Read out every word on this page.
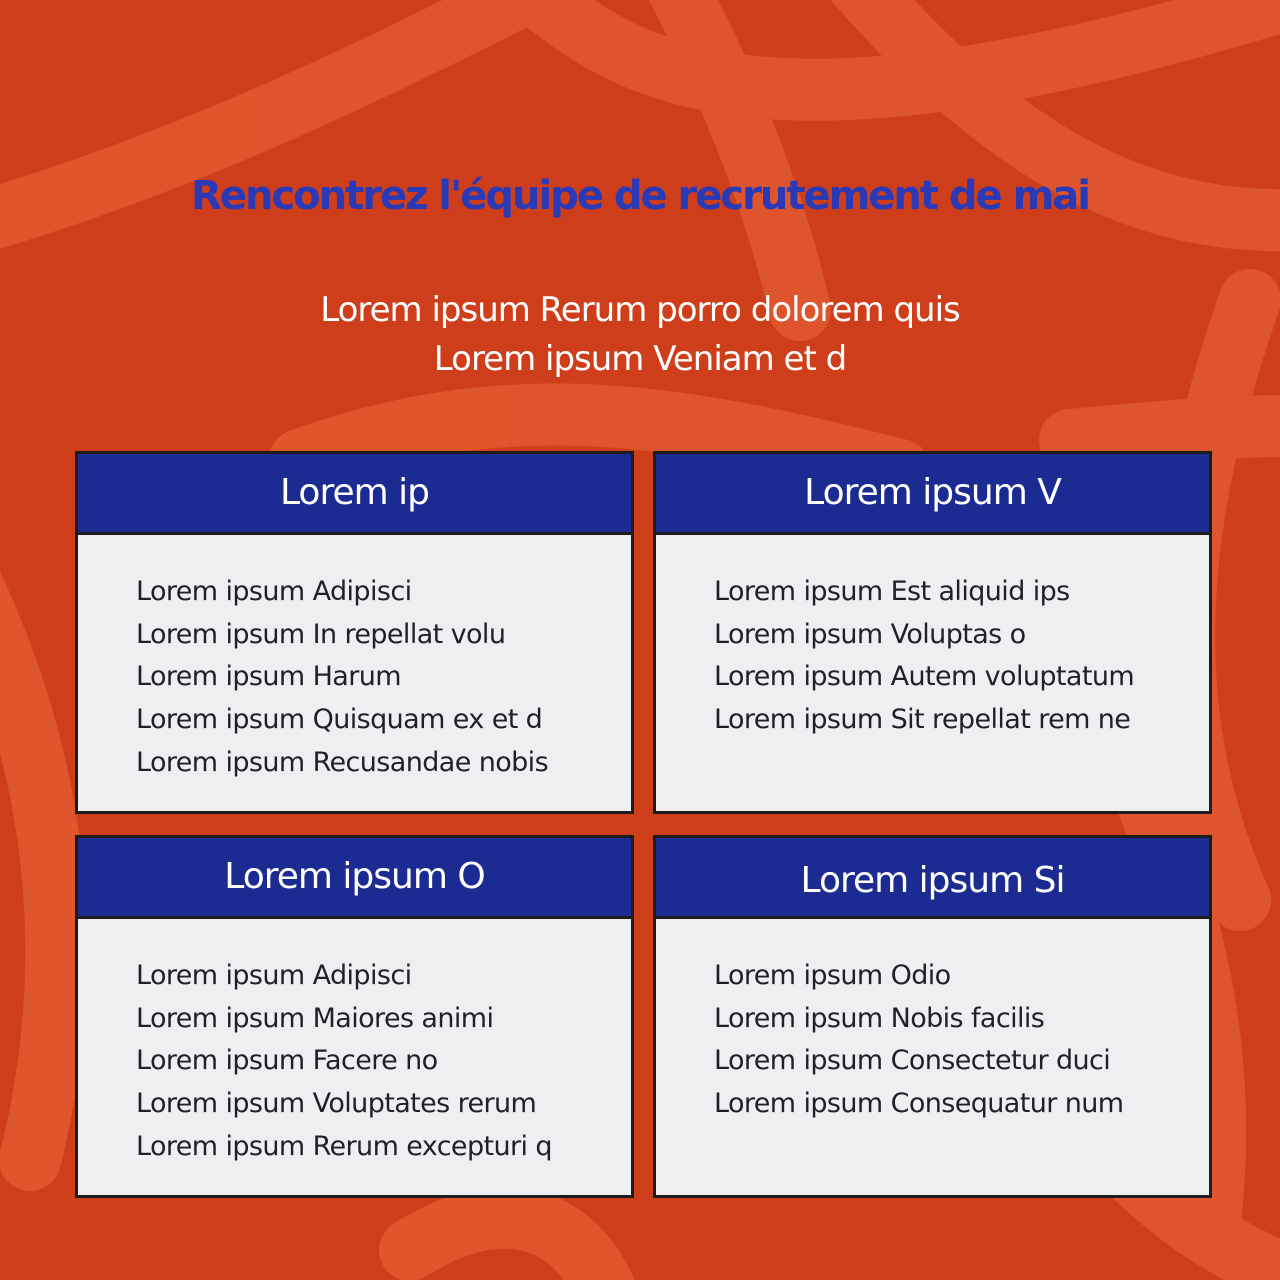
Rencontrez l'équipe de recrutement de mai
Lorem ipsum Rerum porro dolorem quis
Lorem ipsum Veniam et d
Lorem ip
Lorem ipsum Adipisci
Lorem ipsum In repellat volu
Lorem ipsum Harum
Lorem ipsum Quisquam ex et d
Lorem ipsum Recusandae nobis
Lorem ipsum V
Lorem ipsum Est aliquid ips
Lorem ipsum Voluptas o
Lorem ipsum Autem voluptatum
Lorem ipsum Sit repellat rem ne
Lorem ipsum O
Lorem ipsum Adipisci
Lorem ipsum Maiores animi
Lorem ipsum Facere no
Lorem ipsum Voluptates rerum
Lorem ipsum Rerum excepturi q
Lorem ipsum Si
Lorem ipsum Odio
Lorem ipsum Nobis facilis
Lorem ipsum Consectetur duci
Lorem ipsum Consequatur num
